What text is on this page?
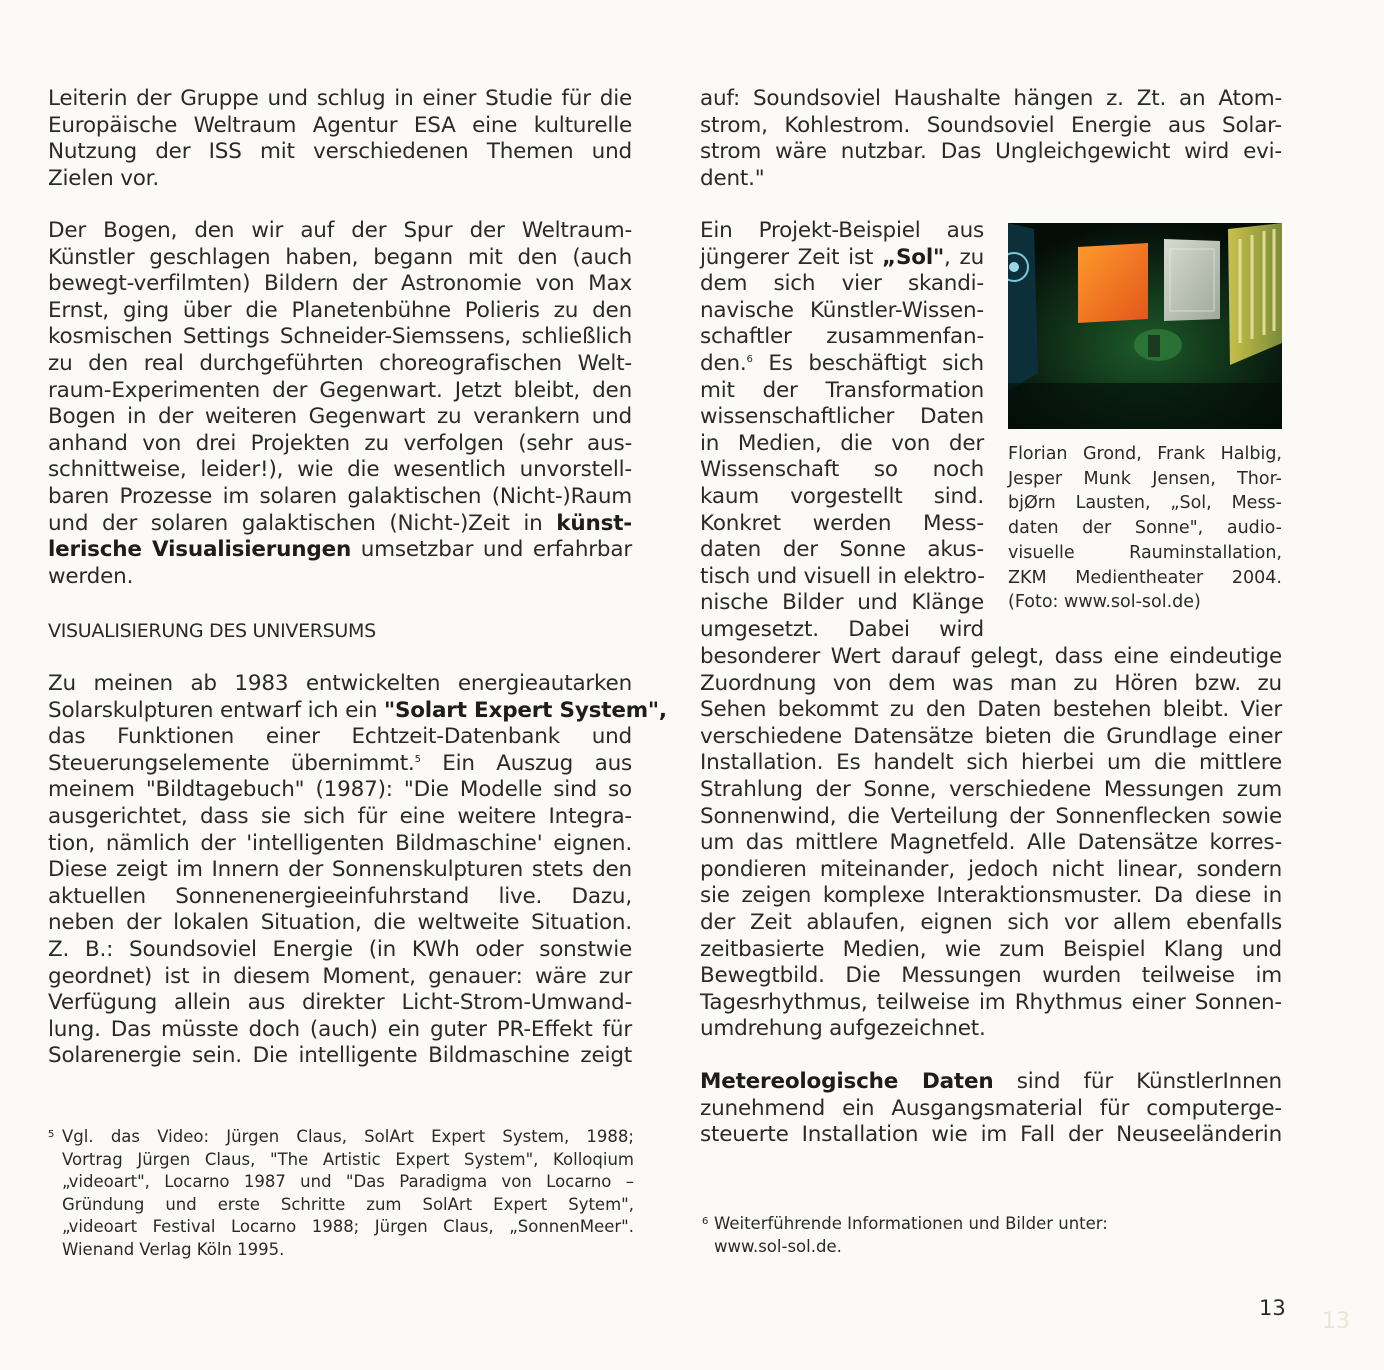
Leiterin der Gruppe und schlug in einer Studie für die
Europäische Weltraum Agentur ESA eine kulturelle
Nutzung der ISS mit verschiedenen Themen und
Zielen vor.

Der Bogen, den wir auf der Spur der Weltraum-
Künstler geschlagen haben, begann mit den (auch
bewegt-verfilmten) Bildern der Astronomie von Max
Ernst, ging über die Planetenbühne Polieris zu den
kosmischen Settings Schneider-Siemssens, schließlich
zu den real durchgeführten choreografischen Welt-
raum-Experimenten der Gegenwart. Jetzt bleibt, den
Bogen in der weiteren Gegenwart zu verankern und
anhand von drei Projekten zu verfolgen (sehr aus-
schnittweise, leider!), wie die wesentlich unvorstell-
baren Prozesse im solaren galaktischen (Nicht-)Raum
und der solaren galaktischen (Nicht-)Zeit in künst-
lerische Visualisierungen umsetzbar und erfahrbar
werden.
VISUALISIERUNG DES UNIVERSUMS
Zu meinen ab 1983 entwickelten energieautarken
Solarskulpturen entwarf ich ein "Solart Expert System",
das Funktionen einer Echtzeit-Datenbank und
Steuerungselemente übernimmt.$^5$ Ein Auszug aus
meinem "Bildtagebuch" (1987): "Die Modelle sind so
ausgerichtet, dass sie sich für eine weitere Integra-
tion, nämlich der 'intelligenten Bildmaschine' eignen.
Diese zeigt im Innern der Sonnenskulpturen stets den
aktuellen Sonnenenergieeinfuhrstand live. Dazu,
neben der lokalen Situation, die weltweite Situation.
Z. B.: Soundsoviel Energie (in KWh oder sonstwie
geordnet) ist in diesem Moment, genauer: wäre zur
Verfügung allein aus direkter Licht-Strom-Umwand-
lung. Das müsste doch (auch) ein guter PR-Effekt für
Solarenergie sein. Die intelligente Bildmaschine zeigt
5 Vgl. das Video: Jürgen Claus, SolArt Expert System, 1988;
Vortrag Jürgen Claus, "The Artistic Expert System", Kolloqium
„videoart", Locarno 1987 und "Das Paradigma von Locarno –
Gründung und erste Schritte zum SolArt Expert Sytem",
„videoart Festival Locarno 1988; Jürgen Claus, „SonnenMeer".
Wienand Verlag Köln 1995.
auf: Soundsoviel Haushalte hängen z. Zt. an Atom-
strom, Kohlestrom. Soundsoviel Energie aus Solar-
strom wäre nutzbar. Das Ungleichgewicht wird evi-
dent."
Ein Projekt-Beispiel aus
jüngerer Zeit ist „Sol", zu
dem sich vier skandi-
navische Künstler-Wissen-
schaftler zusammenfan-
den.$^6$ Es beschäftigt sich
mit der Transformation
wissenschaftlicher Daten
in Medien, die von der
Wissenschaft so noch
kaum vorgestellt sind.
Konkret werden Mess-
daten der Sonne akus-
tisch und visuell in elektro-
nische Bilder und Klänge
umgesetzt. Dabei wird
besonderer Wert darauf gelegt, dass eine eindeutige
Zuordnung von dem was man zu Hören bzw. zu
Sehen bekommt zu den Daten bestehen bleibt. Vier
verschiedene Datensätze bieten die Grundlage einer
Installation. Es handelt sich hierbei um die mittlere
Strahlung der Sonne, verschiedene Messungen zum
Sonnenwind, die Verteilung der Sonnenflecken sowie
um das mittlere Magnetfeld. Alle Datensätze korres-
pondieren miteinander, jedoch nicht linear, sondern
sie zeigen komplexe Interaktionsmuster. Da diese in
der Zeit ablaufen, eignen sich vor allem ebenfalls
zeitbasierte Medien, wie zum Beispiel Klang und
Bewegtbild. Die Messungen wurden teilweise im
Tagesrhythmus, teilweise im Rhythmus einer Sonnen-
umdrehung aufgezeichnet.
Metereologische Daten sind für KünstlerInnen
zunehmend ein Ausgangsmaterial für computerge-
steuerte Installation wie im Fall der Neuseeländerin
Florian Grond, Frank Halbig,
Jesper Munk Jensen, Thor-
bjØrn Lausten, „Sol, Mess-
daten der Sonne", audio-
visuelle Rauminstallation,
ZKM Medientheater 2004.
(Foto: www.sol-sol.de)
6 Weiterführende Informationen und Bilder unter:
www.sol-sol.de.
13
13
